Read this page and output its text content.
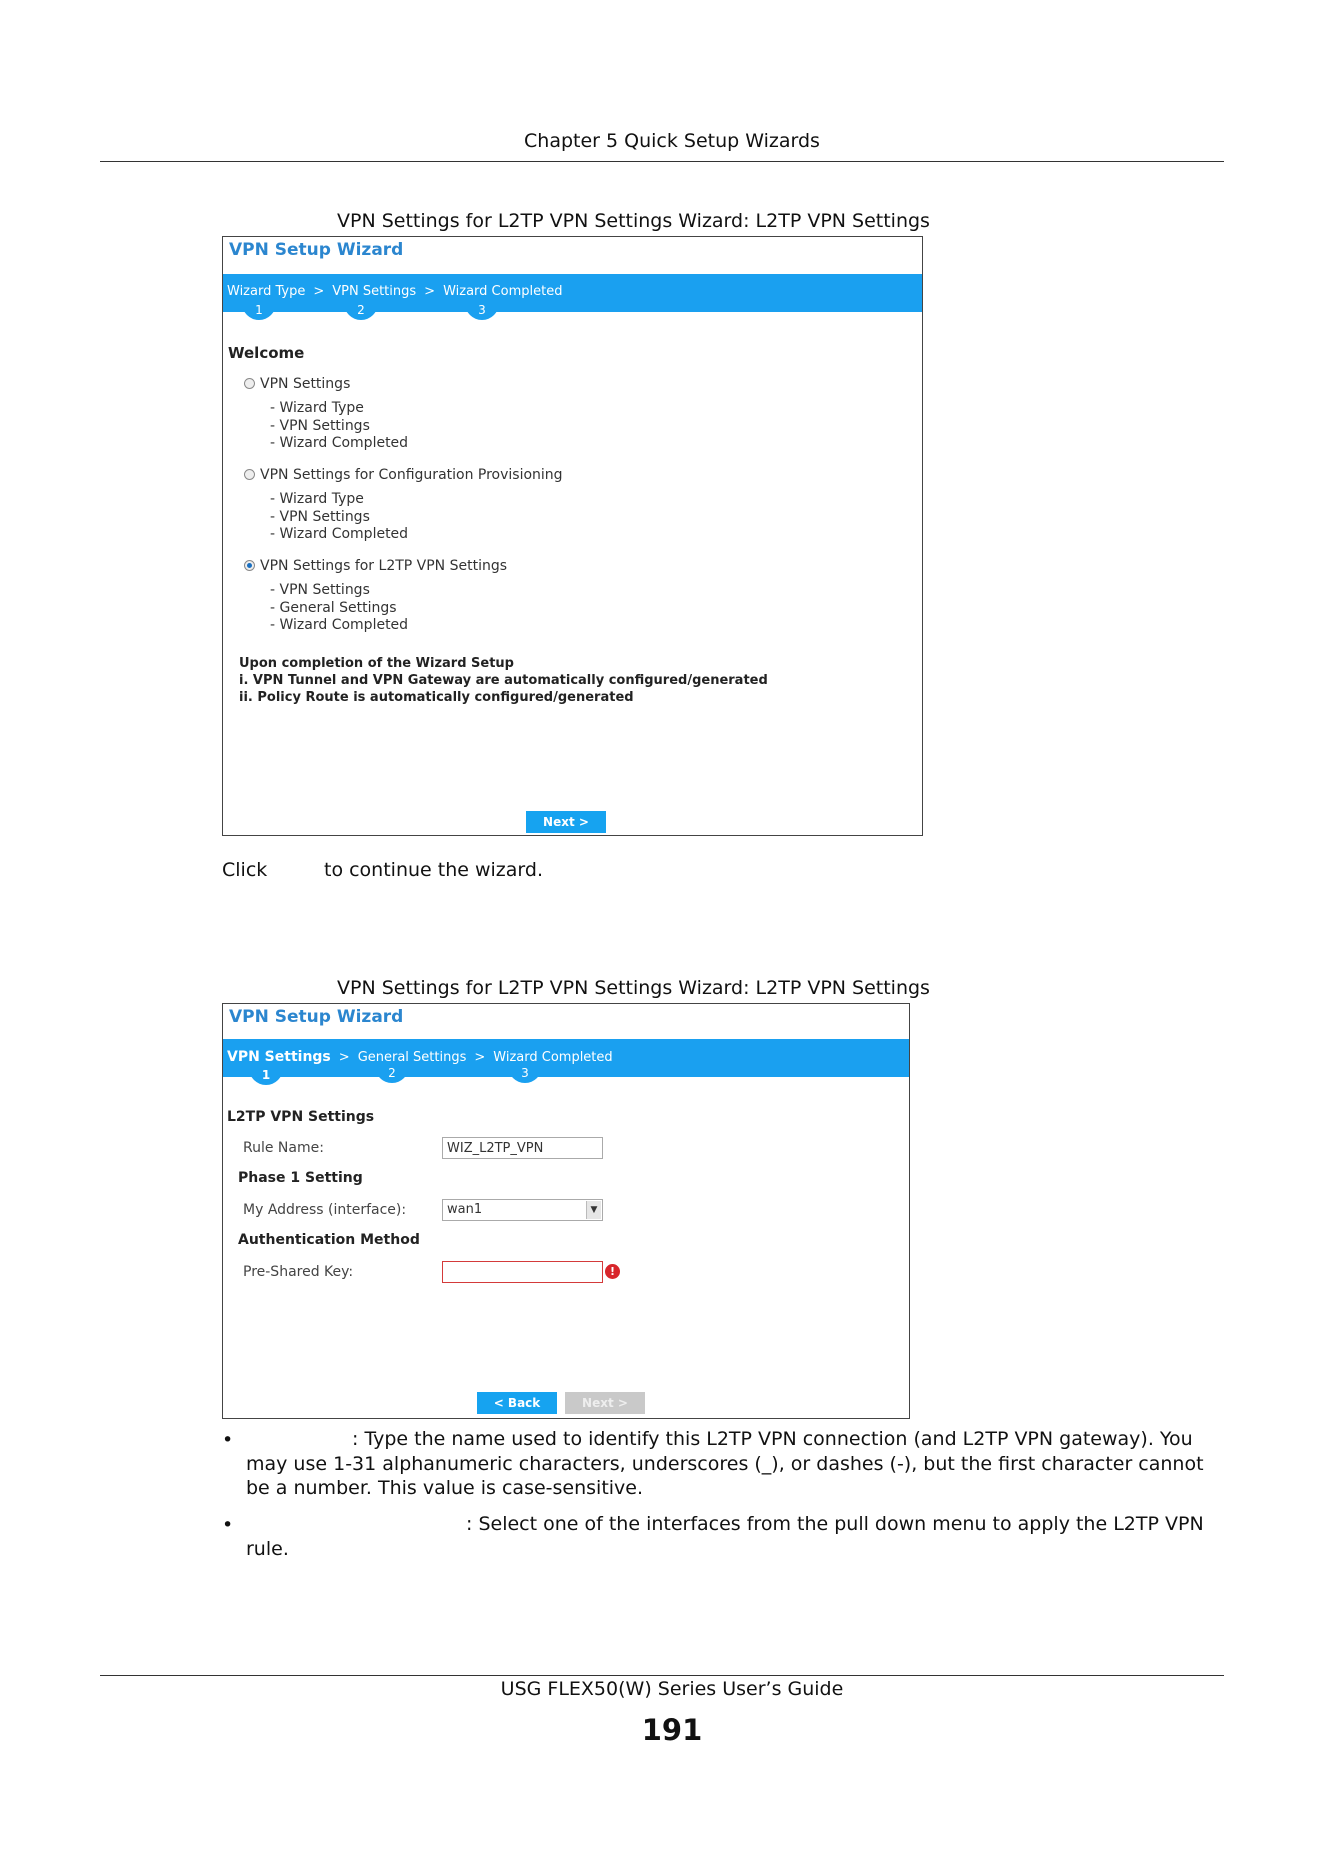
Chapter 5 Quick Setup Wizards
VPN Settings for L2TP VPN Settings Wizard: L2TP VPN Settings
VPN Setup Wizard
Wizard Type > VPN Settings > Wizard Completed
1	2	3
Welcome
VPN Settings
- Wizard Type
- VPN Settings
- Wizard Completed
VPN Settings for Configuration Provisioning
- Wizard Type
- VPN Settings
- Wizard Completed
VPN Settings for L2TP VPN Settings
- VPN Settings
- General Settings
- Wizard Completed
Upon completion of the Wizard Setup
i. VPN Tunnel and VPN Gateway are automatically configured/generated
ii. Policy Route is automatically configured/generated
Next >
Click	to continue the wizard.
VPN Settings for L2TP VPN Settings Wizard: L2TP VPN Settings
VPN Setup Wizard
VPN Settings > General Settings > Wizard Completed
1	2	3
L2TP VPN Settings
Rule Name:
WIZ_L2TP_VPN
Phase 1 Setting
My Address (interface):	wan1	▼
Authentication Method
Pre-Shared Key:	!
< Back	Next >
•	: Type the name used to identify this L2TP VPN connection (and L2TP VPN gateway). You
may use 1-31 alphanumeric characters, underscores (_), or dashes (-), but the first character cannot
be a number. This value is case-sensitive.
•	: Select one of the interfaces from the pull down menu to apply the L2TP VPN
rule.
USG FLEX50(W) Series User’s Guide
191
